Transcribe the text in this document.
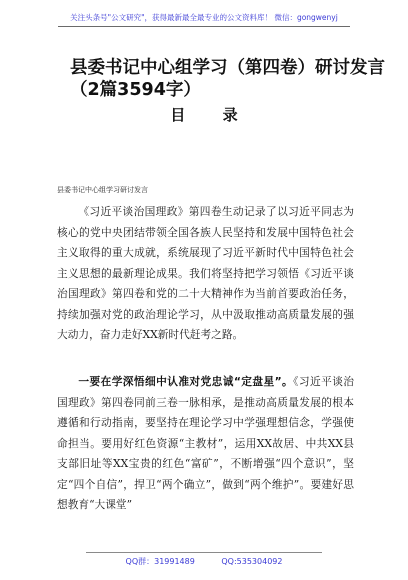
关注头条号"公文研究"，获得最新最全最专业的公文资料库！ 微信：gongwenyj
县委书记中心组学习（第四卷）研讨发言
（2篇3594字）
目 录
县委书记中心组学习研讨发言

《习近平谈治国理政》第四卷生动记录了以习近平同志为核心的党中央团结带领全国各族人民坚持和发展中国特色社会主义取得的重大成就，系统展现了习近平新时代中国特色社会主义思想的最新理论成果。我们将坚持把学习领悟《习近平谈治国理政》第四卷和党的二十大精神作为当前首要政治任务，持续加强对党的政治理论学习，从中汲取推动高质量发展的强大动力，奋力走好XX新时代赶考之路。

一要在学深悟细中认准对党忠诚“定盘星”。《习近平谈治国理政》第四卷同前三卷一脉相承，是推动高质量发展的根本遵循和行动指南，要坚持在理论学习中学强理想信念，学强使命担当。要用好红色资源“主教材”，运用XX故居、中共XX县支部旧址等XX宝贵的红色“富矿”，不断增强“四个意识”，坚定“四个自信”，捍卫“两个确立”，做到“两个维护”。要建好思想教育“大课堂”

QQ群：31991489	QQ:535304092
